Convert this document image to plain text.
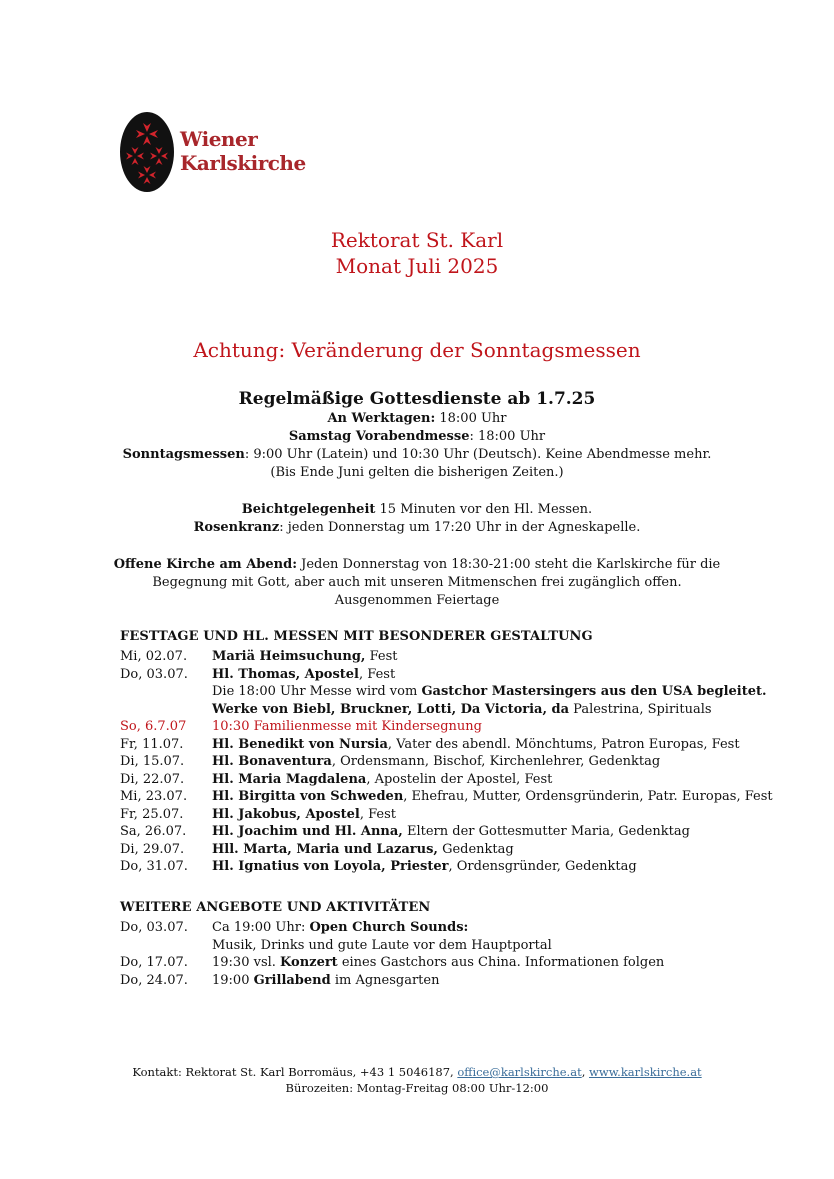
Wiener
Karlskirche
Rektorat St. Karl
Monat Juli 2025
Achtung: Veränderung der Sonntagsmessen
Regelmäßige Gottesdienste ab 1.7.25
An Werktagen: 18:00 Uhr
Samstag Vorabendmesse: 18:00 Uhr
Sonntagsmessen: 9:00 Uhr (Latein) und 10:30 Uhr (Deutsch). Keine Abendmesse mehr.
(Bis Ende Juni gelten die bisherigen Zeiten.)
Beichtgelegenheit 15 Minuten vor den Hl. Messen.
Rosenkranz: jeden Donnerstag um 17:20 Uhr in der Agneskapelle.
Offene Kirche am Abend: Jeden Donnerstag von 18:30-21:00 steht die Karlskirche für die
Begegnung mit Gott, aber auch mit unseren Mitmenschen frei zugänglich offen.
Ausgenommen Feiertage
FESTTAGE UND HL. MESSEN MIT BESONDERER GESTALTUNG
Mi, 02.07.	Mariä Heimsuchung, Fest
Do, 03.07.	Hl. Thomas, Apostel, Fest
Die 18:00 Uhr Messe wird vom Gastchor Mastersingers aus den USA begleitet.
Werke von Biebl, Bruckner, Lotti, Da Victoria, da Palestrina, Spirituals
So, 6.7.07	10:30 Familienmesse mit Kindersegnung
Fr, 11.07.	Hl. Benedikt von Nursia, Vater des abendl. Mönchtums, Patron Europas, Fest
Di, 15.07.	Hl. Bonaventura, Ordensmann, Bischof, Kirchenlehrer, Gedenktag
Di, 22.07.	Hl. Maria Magdalena, Apostelin der Apostel, Fest
Mi, 23.07.	Hl. Birgitta von Schweden, Ehefrau, Mutter, Ordensgründerin, Patr. Europas, Fest
Fr, 25.07.	Hl. Jakobus, Apostel, Fest
Sa, 26.07.	Hl. Joachim und Hl. Anna, Eltern der Gottesmutter Maria, Gedenktag
Di, 29.07.	Hll. Marta, Maria und Lazarus, Gedenktag
Do, 31.07.	Hl. Ignatius von Loyola, Priester, Ordensgründer, Gedenktag
WEITERE ANGEBOTE UND AKTIVITÄTEN
Do, 03.07.	Ca 19:00 Uhr: Open Church Sounds:
Musik, Drinks und gute Laute vor dem Hauptportal
Do, 17.07.	19:30 vsl. Konzert eines Gastchors aus China. Informationen folgen
Do, 24.07.	19:00 Grillabend im Agnesgarten
Kontakt: Rektorat St. Karl Borromäus, +43 1 5046187, office@karlskirche.at, www.karlskirche.at
Bürozeiten: Montag-Freitag 08:00 Uhr-12:00
